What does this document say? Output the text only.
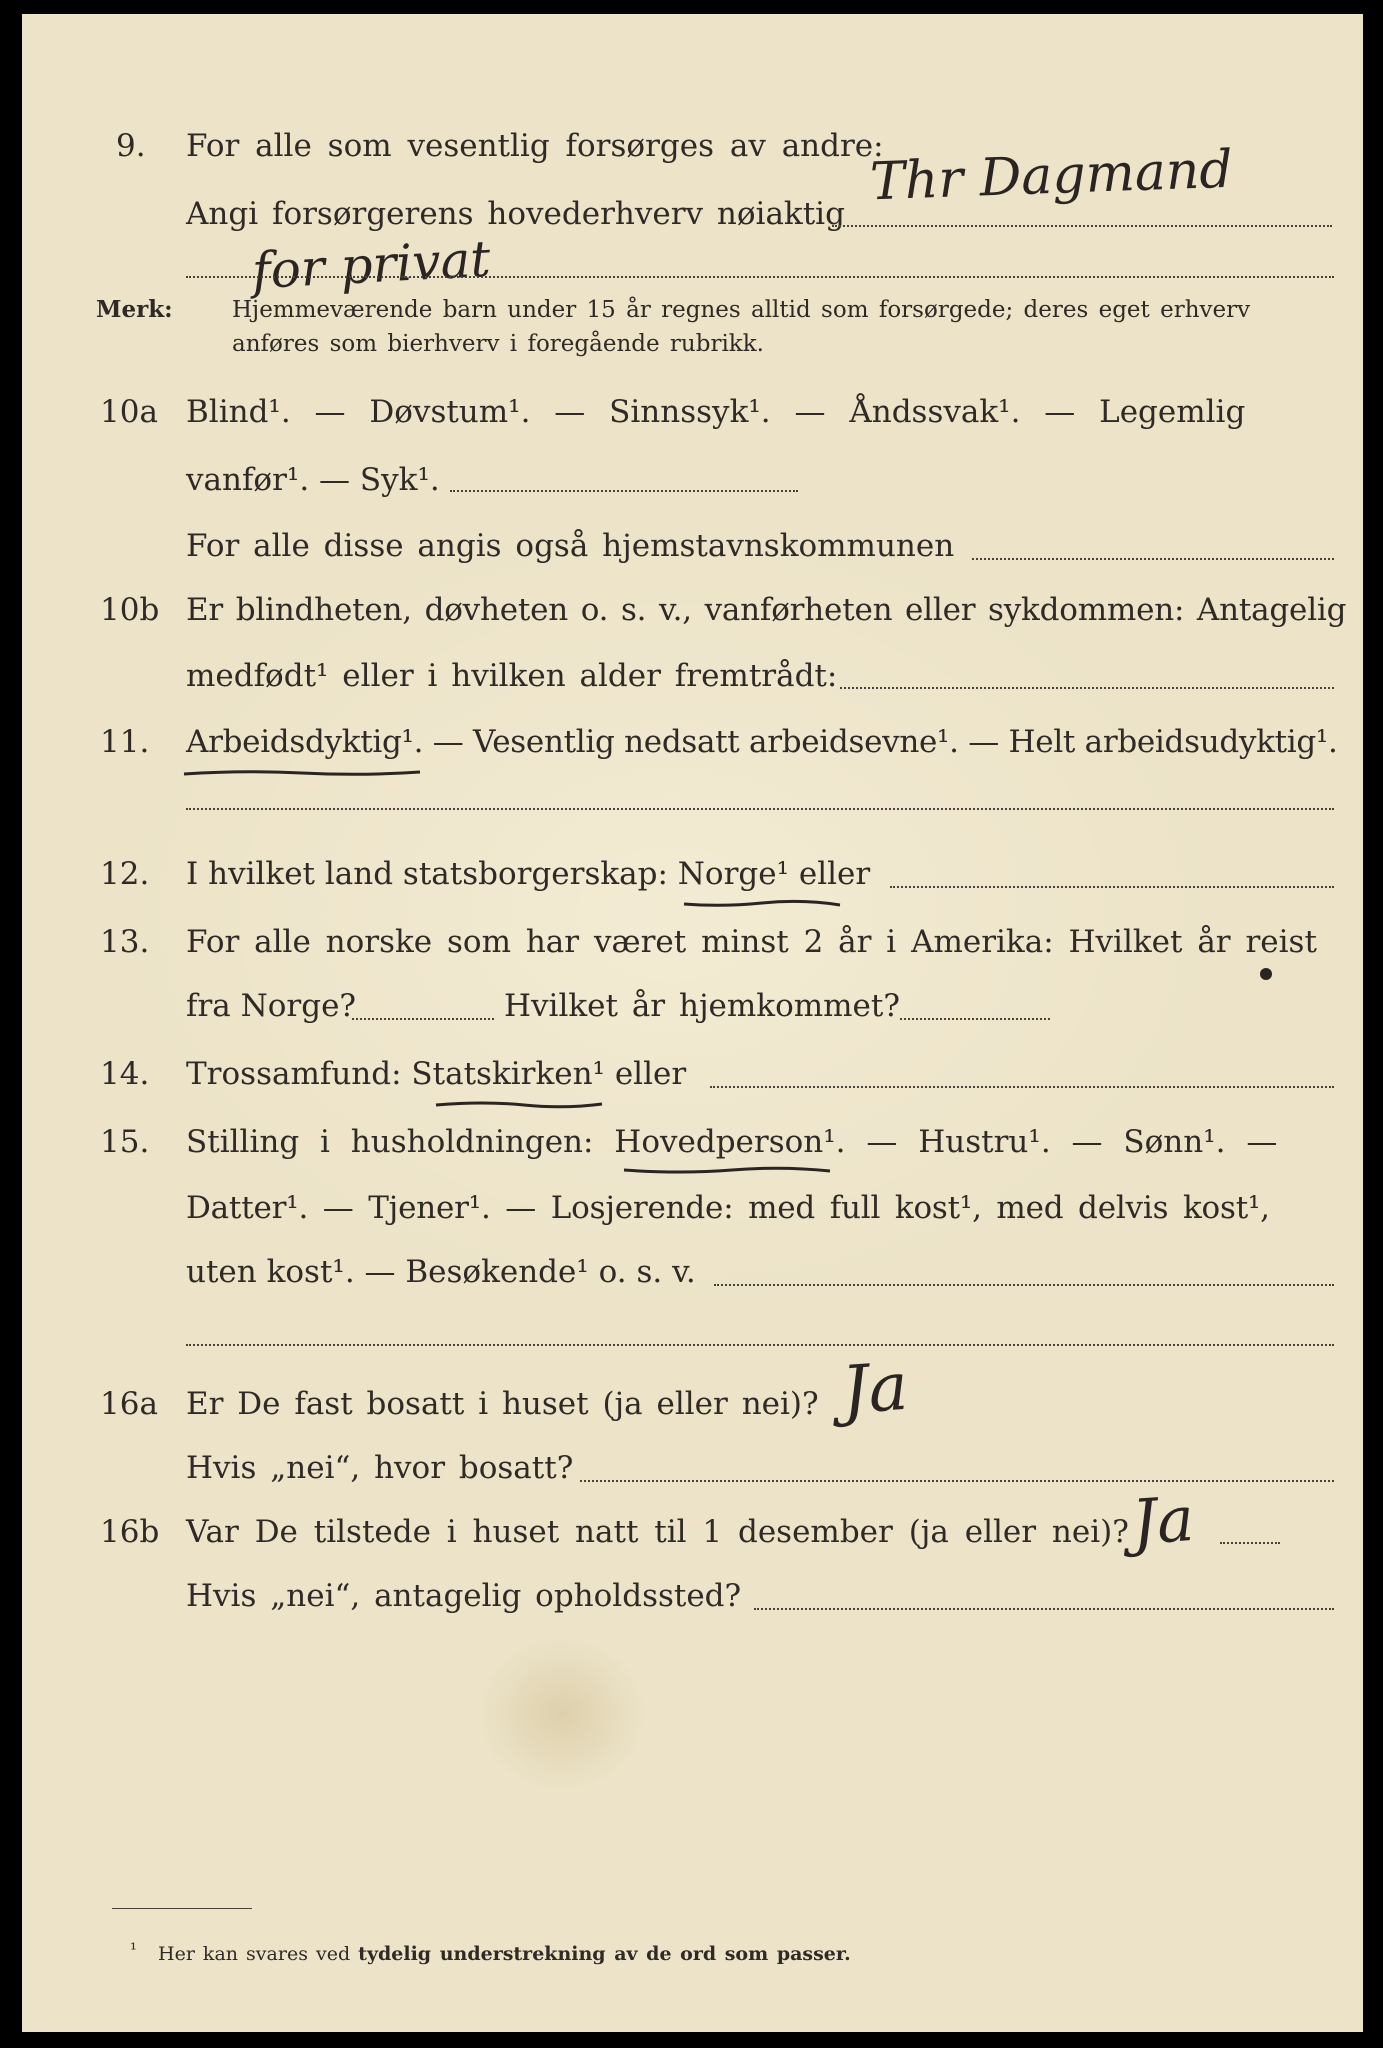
9. For alle som vesentlig forsørges av andre:
Thr Dagmand
Angi forsørgerens hovederhverv nøiaktig
for privat
Merk:	Hjemmeværende barn under 15 år regnes alltid som forsørgede; deres eget erhverv
anføres som bierhverv i foregående rubrikk.
10a Blind¹. — Døvstum¹. — Sinnssyk¹. — Åndssvak¹. — Legemlig
vanfør¹. — Syk¹.
For alle disse angis også hjemstavnskommunen
10b Er blindheten, døvheten o. s. v., vanførheten eller sykdommen: Antagelig
medfødt¹ eller i hvilken alder fremtrådt:
11. Arbeidsdyktig¹. — Vesentlig nedsatt arbeidsevne¹. — Helt arbeidsudyktig¹.
12. I hvilket land statsborgerskap: Norge¹ eller
13. For alle norske som har været minst 2 år i Amerika: Hvilket år reist
fra Norge?	Hvilket år hjemkommet?
14. Trossamfund: Statskirken¹ eller
15. Stilling i husholdningen: Hovedperson¹. — Hustru¹. — Sønn¹. —
Datter¹. — Tjener¹. — Losjerende: med full kost¹, med delvis kost¹,
uten kost¹. — Besøkende¹ o. s. v.
16a Er De fast bosatt i huset (ja eller nei)? Ja
Hvis „nei“, hvor bosatt?
16b Var De tilstede i huset natt til 1 desember (ja eller nei)? Ja
Hvis „nei“, antagelig opholdssted?
¹ Her kan svares ved tydelig understrekning av de ord som passer.
